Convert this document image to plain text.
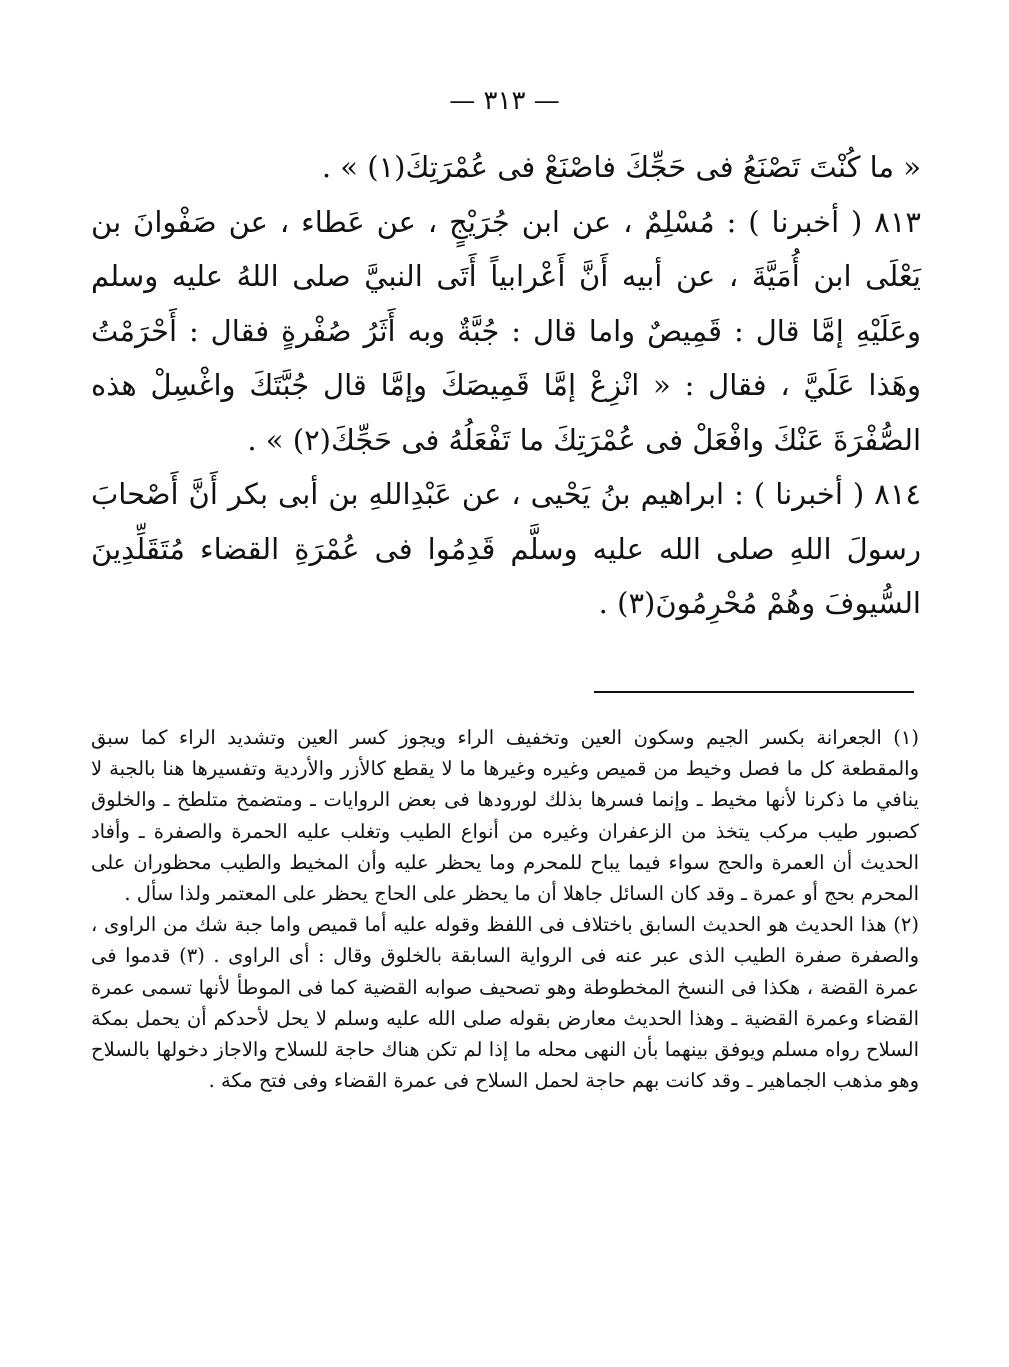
— ٣١٣ —

« ما كُنْتَ تَصْنَعُ فى حَجِّكَ فاصْنَعْ فى عُمْرَتِكَ(١) » .

٨١٣ ( أخبرنا ) : مُسْلِمٌ ، عن ابن جُرَيْجٍ ، عن عَطاء ، عن صَفْوانَ بن يَعْلَى ابن أُمَيَّةَ ، عن أبيه أَنَّ أَعْرابياً أَتَى النبيَّ صلى اللهُ عليه وسلم وعَلَيْهِ إمَّا قال : قَمِيصٌ واما قال : جُبَّةٌ وبه أَثَرُ صُفْرةٍ فقال : أَحْرَمْتُ وهَذا عَلَيَّ ، فقال : « انْزِعْ إمَّا قَمِيصَكَ وإمَّا قال جُبَّتَكَ واغْسِلْ هذه الصُّفْرَةَ عَنْكَ وافْعَلْ فى عُمْرَتِكَ ما تَفْعَلُهُ فى حَجِّكَ(٢) » .

٨١٤ ( أخبرنا ) : ابراهيم بنُ يَحْيى ، عن عَبْدِاللهِ بن أبى بكر أَنَّ أَصْحابَ رسولَ اللهِ صلى الله عليه وسلَّم قَدِمُوا فى عُمْرَةِ القضاء مُتَقَلِّدِينَ السُّيوفَ وهُمْ مُحْرِمُونَ(٣) .

(١) الجعرانة بكسر الجيم وسكون العين وتخفيف الراء ويجوز كسر العين وتشديد الراء كما سبق والمقطعة كل ما فصل وخيط من قميص وغيره وغيرها ما لا يقطع كالأزر والأردية وتفسيرها هنا بالجبة لا ينافي ما ذكرنا لأنها مخيط ـ وإنما فسرها بذلك لورودها فى بعض الروايات ـ ومتضمخ متلطخ ـ والخلوق كصبور طيب مركب يتخذ من الزعفران وغيره من أنواع الطيب وتغلب عليه الحمرة والصفرة ـ وأفاد الحديث أن العمرة والحج سواء فيما يباح للمحرم وما يحظر عليه وأن المخيط والطيب محظوران على المحرم بحج أو عمرة ـ وقد كان السائل جاهلا أن ما يحظر على الحاج يحظر على المعتمر ولذا سأل .

(٢) هذا الحديث هو الحديث السابق باختلاف فى اللفظ وقوله عليه أما قميص واما جبة شك من الراوى ، والصفرة صفرة الطيب الذى عبر عنه فى الرواية السابقة بالخلوق وقال : أى الراوى . (٣) قدموا فى عمرة القضة ، هكذا فى النسخ المخطوطة وهو تصحيف صوابه القضية كما فى الموطأ لأنها تسمى عمرة القضاء وعمرة القضية ـ وهذا الحديث معارض بقوله صلى الله عليه وسلم لا يحل لأحدكم أن يحمل بمكة السلاح رواه مسلم ويوفق بينهما بأن النهى محله ما إذا لم تكن هناك حاجة للسلاح والاجاز دخولها بالسلاح وهو مذهب الجماهير ـ وقد كانت بهم حاجة لحمل السلاح فى عمرة القضاء وفى فتح مكة .
